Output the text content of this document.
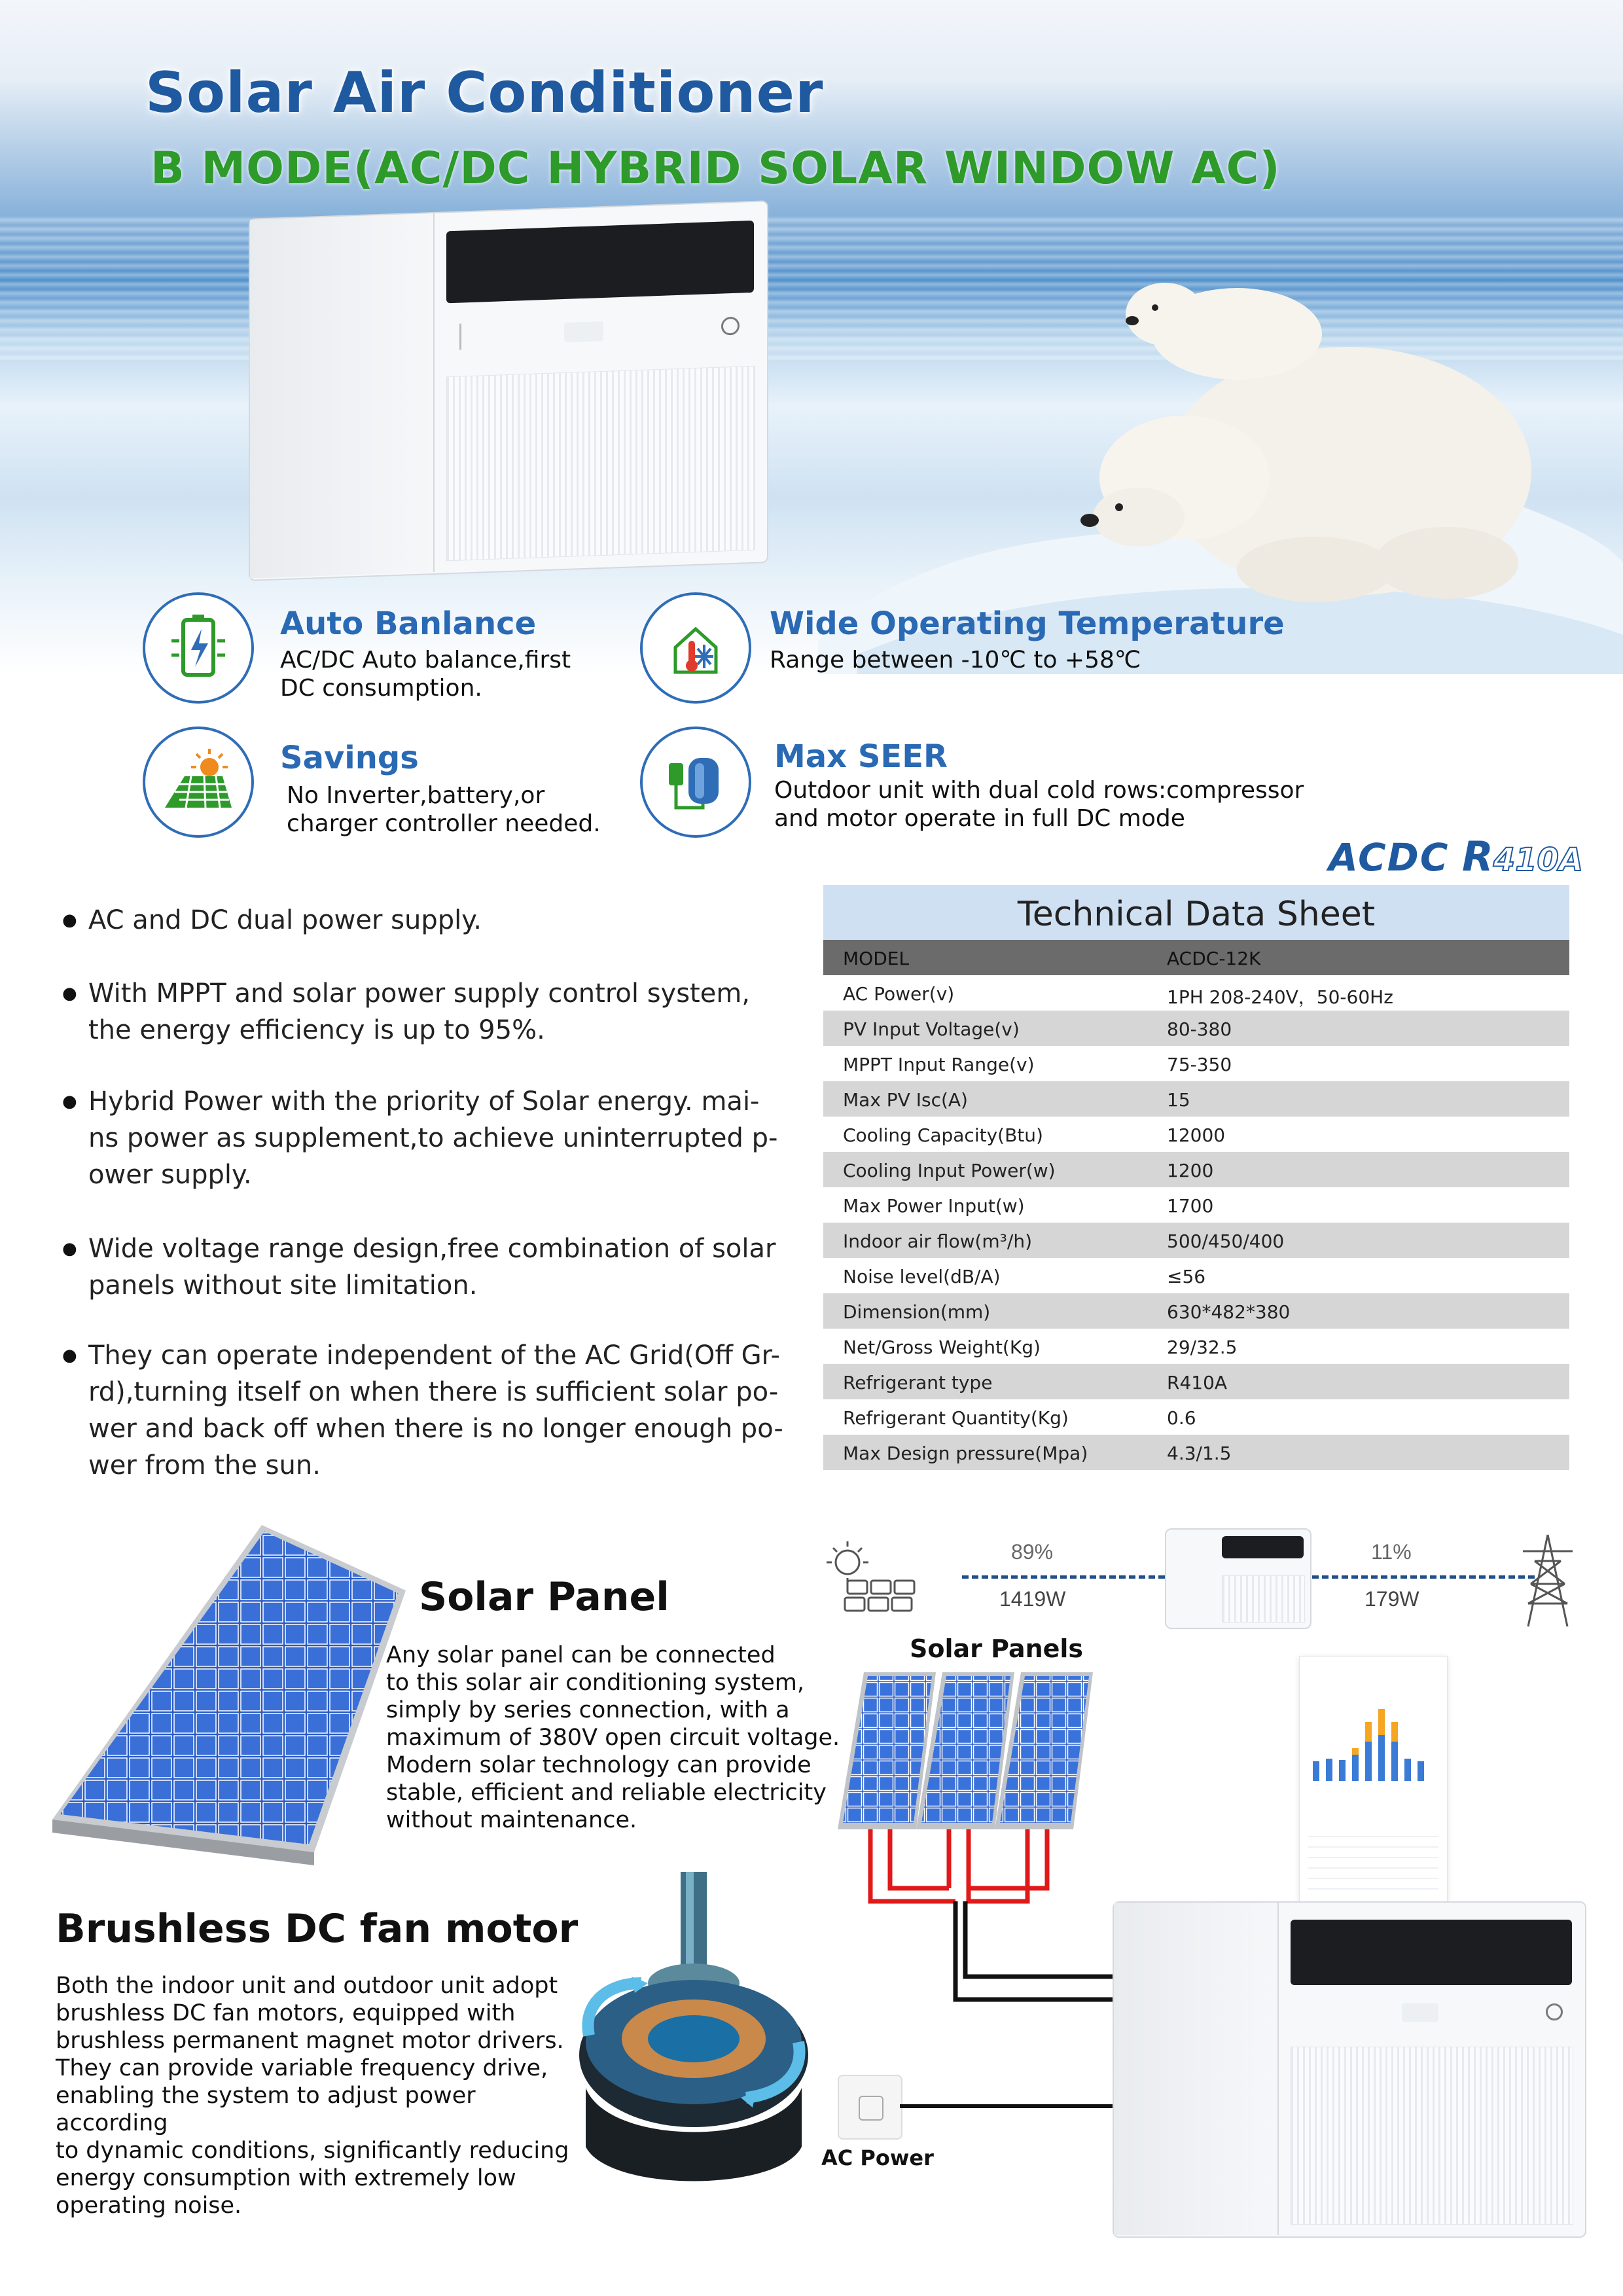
Solar Air Conditioner
B MODE(AC/DC HYBRID SOLAR WINDOW AC)
Auto Banlance
AC/DC Auto balance,first
DC consumption.
Wide Operating Temperature
Range between -10℃ to +58℃
Savings
No Inverter,battery,or
charger controller needed.
Max SEER
Outdoor unit with dual cold rows:compressor
and motor operate in full DC mode
ACDC R410A
● AC and DC dual power supply.
● With MPPT and solar power supply control system,
the energy efficiency is up to 95%.
● Hybrid Power with the priority of Solar energy. mai-
ns power as supplement,to achieve uninterrupted p-
ower supply.
● Wide voltage range design,free combination of solar
panels without site limitation.
● They can operate independent of the AC Grid(Off Gr-
rd),turning itself on when there is sufficient solar po-
wer and back off when there is no longer enough po-
wer from the sun.
Technical Data Sheet
MODEL	ACDC-12K
AC Power(v)	1PH 208-240V，50-60Hz
PV Input Voltage(v)	80-380
MPPT Input Range(v)	75-350
Max PV Isc(A)	15
Cooling Capacity(Btu)	12000
Cooling Input Power(w)	1200
Max Power Input(w)	1700
Indoor air flow(m³/h)	500/450/400
Noise level(dB/A)	≤56
Dimension(mm)	630*482*380
Net/Gross Weight(Kg)	29/32.5
Refrigerant type	R410A
Refrigerant Quantity(Kg)	0.6
Max Design pressure(Mpa)	4.3/1.5
89%
1419W
11%
179W
Solar Panel
Any solar panel can be connected
to this solar air conditioning system,
simply by series connection, with a
maximum of 380V open circuit voltage.
Modern solar technology can provide
stable, efficient and reliable electricity
without maintenance.
Solar Panels
AC Power
Brushless DC fan motor
Both the indoor unit and outdoor unit adopt
brushless DC fan motors, equipped with
brushless permanent magnet motor drivers.
They can provide variable frequency drive,
enabling the system to adjust power according
to dynamic conditions, significantly reducing
energy consumption with extremely low
operating noise.
